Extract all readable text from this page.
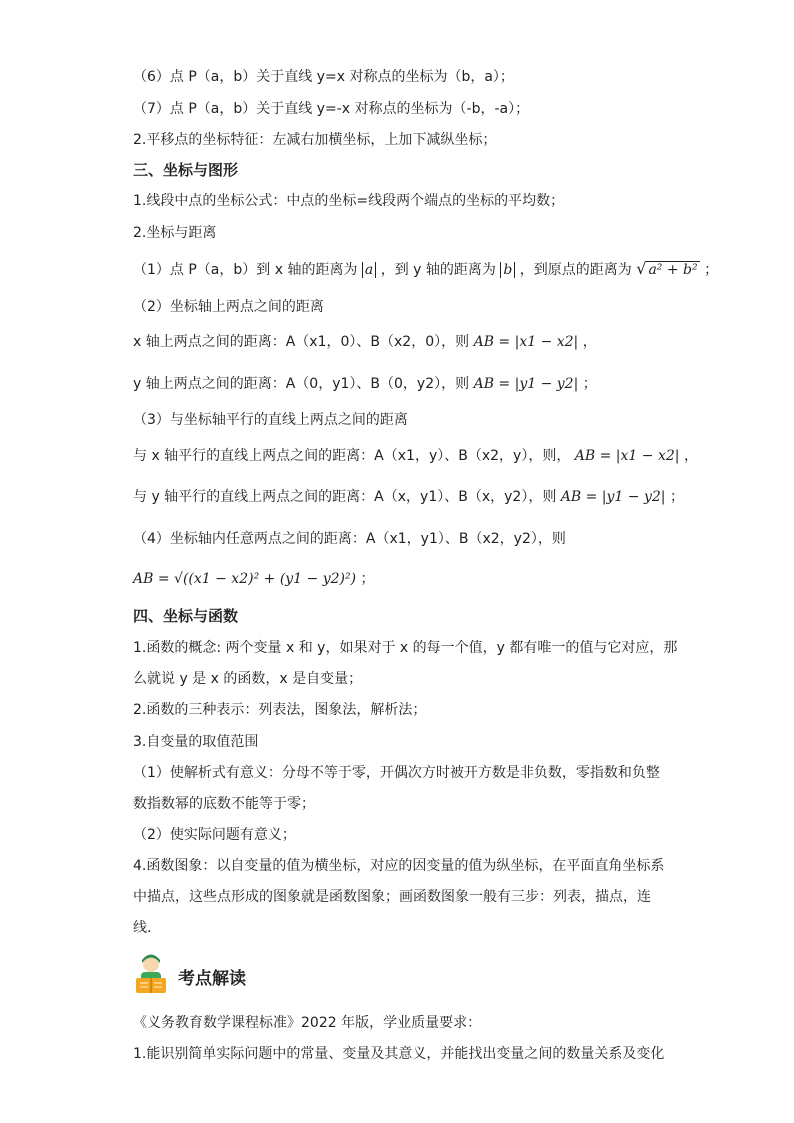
（6）点 P（a，b）关于直线 y=x 对称点的坐标为（b，a）；
（7）点 P（a，b）关于直线 y=-x 对称点的坐标为（-b，-a）；
2.平移点的坐标特征：左减右加横坐标，上加下减纵坐标；
三、坐标与图形
1.线段中点的坐标公式：中点的坐标=线段两个端点的坐标的平均数；
2.坐标与距离
（1）点 P（a，b）到 x 轴的距离为 a ，到 y 轴的距离为 b ，到原点的距离为 √ a² + b² ；
（2）坐标轴上两点之间的距离
x 轴上两点之间的距离：A（x1，0）、B（x2，0），则 AB = |x1 − x2| ，
y 轴上两点之间的距离：A（0，y1）、B（0，y2），则 AB = |y1 − y2| ；
（3）与坐标轴平行的直线上两点之间的距离
与 x 轴平行的直线上两点之间的距离：A（x1，y）、B（x2，y），则， AB = |x1 − x2| ，
与 y 轴平行的直线上两点之间的距离：A（x，y1）、B（x，y2），则 AB = |y1 − y2| ；
（4）坐标轴内任意两点之间的距离：A（x1，y1）、B（x2，y2），则
AB = √((x1 − x2)² + (y1 − y2)²) ；
四、坐标与函数
1.函数的概念: 两个变量 x 和 y，如果对于 x 的每一个值，y 都有唯一的值与它对应，那
么就说 y 是 x 的函数，x 是自变量；
2.函数的三种表示：列表法，图象法，解析法；
3.自变量的取值范围
（1）使解析式有意义：分母不等于零，开偶次方时被开方数是非负数，零指数和负整
数指数幂的底数不能等于零；
（2）使实际问题有意义；
4.函数图象：以自变量的值为横坐标，对应的因变量的值为纵坐标，在平面直角坐标系
中描点，这些点形成的图象就是函数图象；画函数图象一般有三步：列表，描点，连
线.
考点解读
《义务教育数学课程标准》2022 年版，学业质量要求：
1.能识别简单实际问题中的常量、变量及其意义，并能找出变量之间的数量关系及变化
